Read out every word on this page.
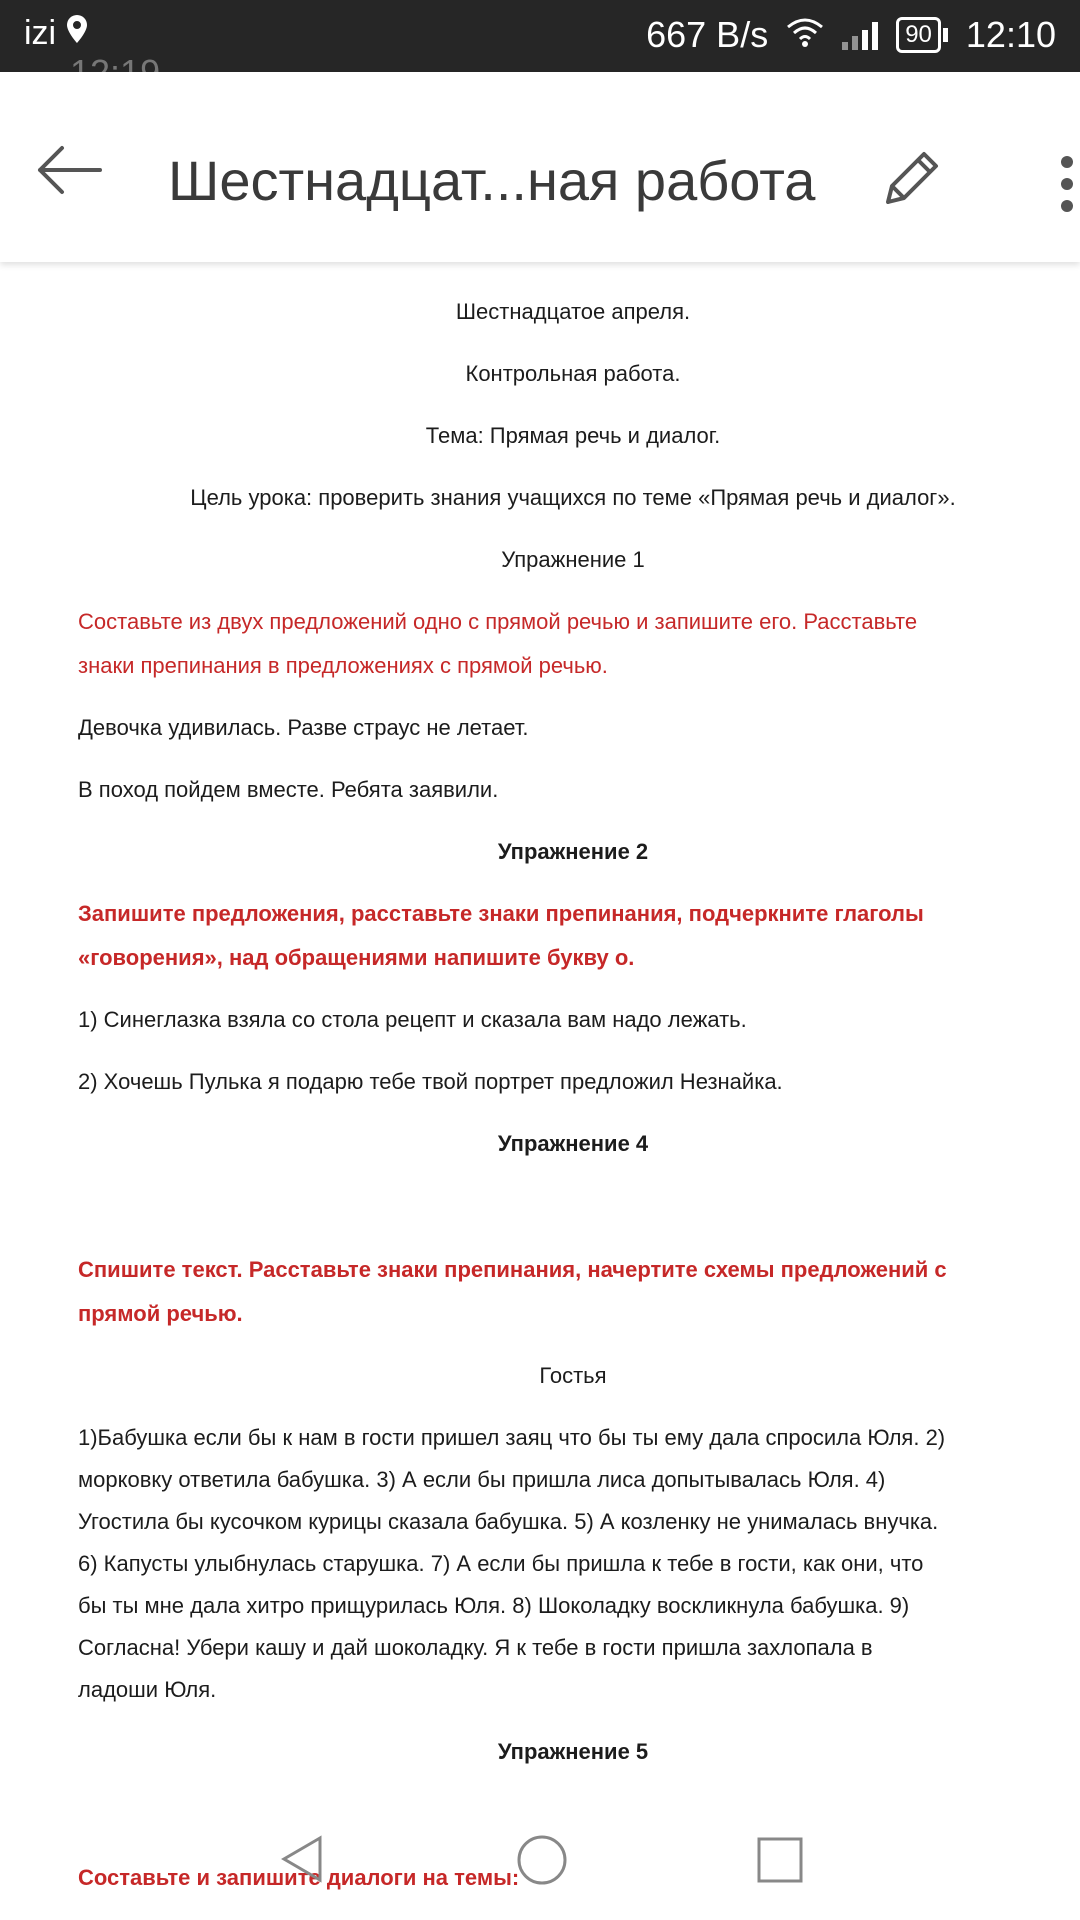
izi	667 B/s	90 12:10
Шестнадцат...ная работа

Шестнадцатое апреля.

Контрольная работа.

Тема: Прямая речь и диалог.

Цель урока: проверить знания учащихся по теме «Прямая речь и диалог».

Упражнение 1

Составьте из двух предложений одно с прямой речью и запишите его. Расставьте

знаки препинания в предложениях с прямой речью.

Девочка удивилась. Разве страус не летает.

В поход пойдем вместе. Ребята заявили.

Упражнение 2

Запишите предложения, расставьте знаки препинания, подчеркните глаголы

«говорения», над обращениями напишите букву о.

1) Синеглазка взяла со стола рецепт и сказала вам надо лежать.

2) Хочешь Пулька я подарю тебе твой портрет предложил Незнайка.

Упражнение 4

Спишите текст. Расставьте знаки препинания, начертите схемы предложений с

прямой речью.

Гостья

1)Бабушка если бы к нам в гости пришел заяц что бы ты ему дала спросила Юля. 2)

морковку ответила бабушка. 3) А если бы пришла лиса допытывалась Юля. 4)

Угостила бы кусочком курицы сказала бабушка. 5) А козленку не унималась внучка.

6) Капусты улыбнулась старушка. 7) А если бы пришла к тебе в гости, как они, что

бы ты мне дала хитро прищурилась Юля. 8) Шоколадку воскликнула бабушка. 9)

Согласна! Убери кашу и дай шоколадку. Я к тебе в гости пришла захлопала в

ладоши Юля.

Упражнение 5

Составьте и запишите диалоги на темы:
